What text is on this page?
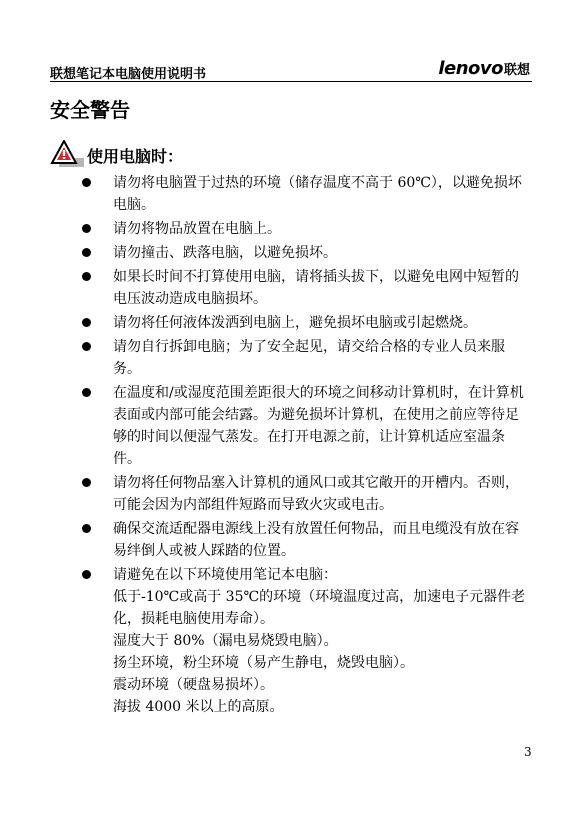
联想笔记本电脑使用说明书	lenovo 联想
安全警告
使用电脑时：

请勿将电脑置于过热的环境（储存温度不高于 60℃），以避免损坏电脑。

请勿将物品放置在电脑上。

请勿撞击、跌落电脑，以避免损坏。

如果长时间不打算使用电脑，请将插头拔下，以避免电网中短暂的电压波动造成电脑损坏。

请勿将任何液体泼洒到电脑上，避免损坏电脑或引起燃烧。

请勿自行拆卸电脑；为了安全起见，请交给合格的专业人员来服务。

在温度和/或湿度范围差距很大的环境之间移动计算机时，在计算机表面或内部可能会结露。为避免损坏计算机，在使用之前应等待足够的时间以便湿气蒸发。在打开电源之前，让计算机适应室温条件。

请勿将任何物品塞入计算机的通风口或其它敞开的开槽内。否则，可能会因为内部组件短路而导致火灾或电击。

确保交流适配器电源线上没有放置任何物品，而且电缆没有放在容易绊倒人或被人踩踏的位置。

请避免在以下环境使用笔记本电脑：

低于-10℃或高于 35℃的环境（环境温度过高，加速电子元器件老化，损耗电脑使用寿命）。

湿度大于 80%（漏电易烧毁电脑）。

扬尘环境，粉尘环境（易产生静电，烧毁电脑）。

震动环境（硬盘易损坏）。

海拔 4000 米以上的高原。

3
